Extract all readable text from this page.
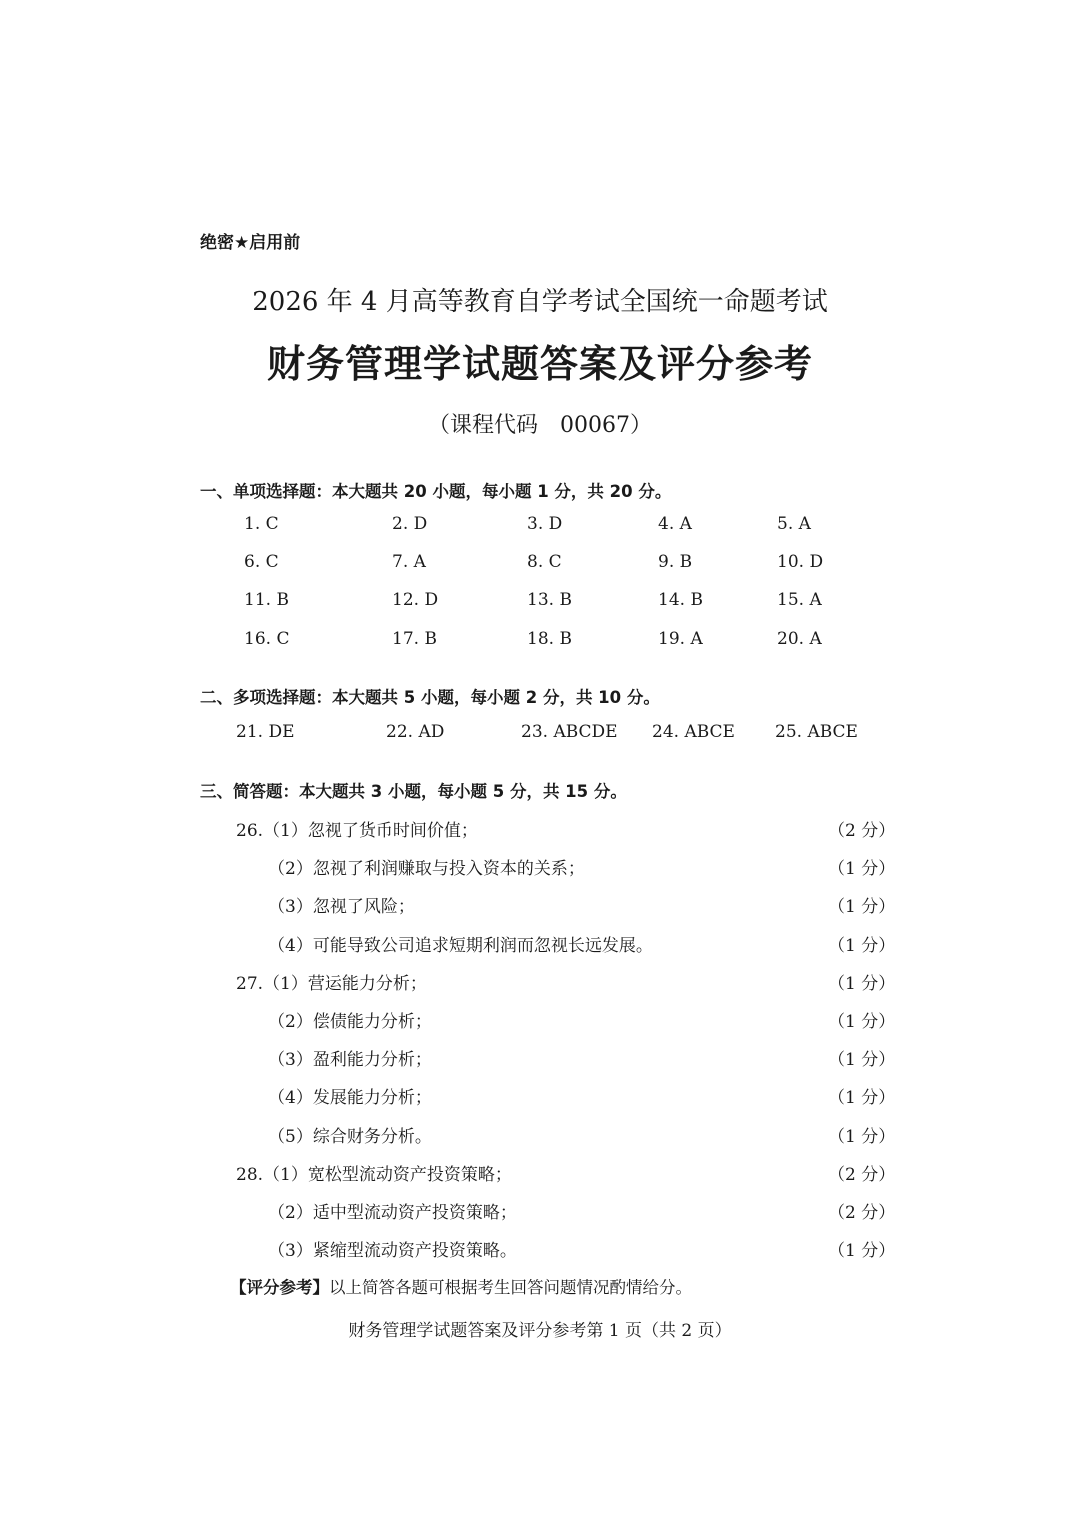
绝密★启用前
2026 年 4 月高等教育自学考试全国统一命题考试
财务管理学试题答案及评分参考
（课程代码　00067）
一、单项选择题：本大题共 20 小题，每小题 1 分，共 20 分。
1. C	2. D	3. D	4. A	5. A
6. C	7. A	8. C	9. B	10. D
11. B	12. D	13. B	14. B	15. A
16. C	17. B	18. B	19. A	20. A
二、多项选择题：本大题共 5 小题，每小题 2 分，共 10 分。
21. DE	22. AD	23. ABCDE 24. ABCE 25. ABCE
三、简答题：本大题共 3 小题，每小题 5 分，共 15 分。
26.（1）忽视了货币时间价值；	（2 分）
（2）忽视了利润赚取与投入资本的关系；	（1 分）
（3）忽视了风险；	（1 分）
（4）可能导致公司追求短期利润而忽视长远发展。	（1 分）
27.（1）营运能力分析；	（1 分）
（2）偿债能力分析；	（1 分）
（3）盈利能力分析；	（1 分）
（4）发展能力分析；	（1 分）
（5）综合财务分析。	（1 分）
28.（1）宽松型流动资产投资策略；	（2 分）
（2）适中型流动资产投资策略；	（2 分）
（3）紧缩型流动资产投资策略。	（1 分）
【评分参考】以上简答各题可根据考生回答问题情况酌情给分。
财务管理学试题答案及评分参考第 1 页（共 2 页）
